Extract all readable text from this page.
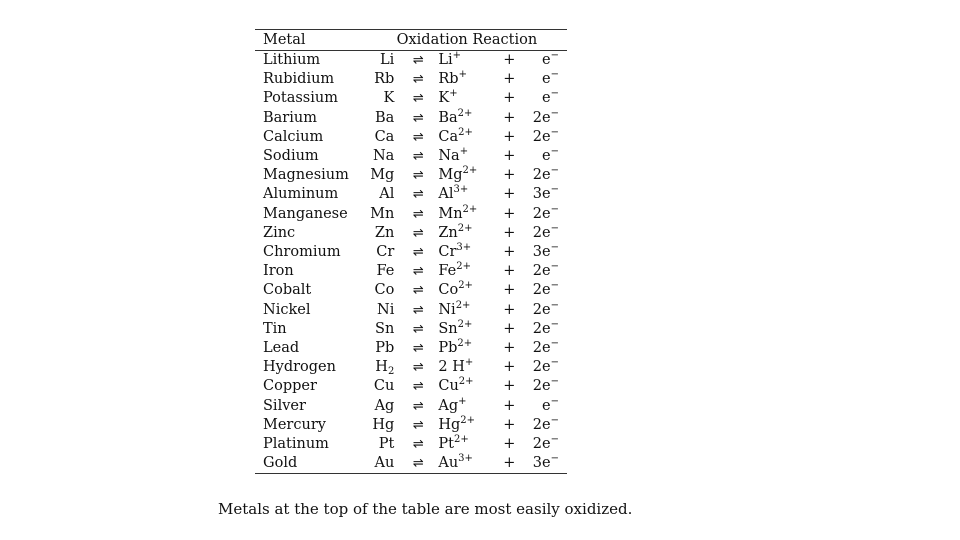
Metal	Oxidation Reaction				
Lithium	Li	⇌	Li+	+	e−
Rubidium	Rb	⇌	Rb+	+	e−
Potassium	K	⇌	K+	+	e−
Barium	Ba	⇌	$Ba^{2+}$	+	2e−
Calcium	Ca	⇌	$Ca^{2+}$	+	2e−
Sodium	Na	⇌	Na+	+	e−
Magnesium	Mg	⇌	$Mg^{2+}$	+	2e−
Aluminum	Al	⇌	$Al^{3+}$	+	3e−
Manganese	Mn	⇌	$Mn^{2+}$	+	2e−
Zinc	Zn	⇌	$Zn^{2+}$	+	2e−
Chromium	Cr	⇌	$Cr^{3+}$	+	3e−
Iron	Fe	⇌	$Fe^{2+}$	+	2e−
Cobalt	Co	⇌	$Co^{2+}$	+	2e−
Nickel	Ni	⇌	$Ni^{2+}$	+	2e−
Tin	Sn	⇌	$Sn^{2+}$	+	2e−
Lead	Pb	⇌	$Pb^{2+}$	+	2e−
Hydrogen	$H_2$	⇌	2 H+	+	2e−
Copper	Cu	⇌	$Cu^{2+}$	+	2e−
Silver	Ag	⇌	Ag+	+	e−
Mercury	Hg	⇌	$Hg^{2+}$	+	2e−
Platinum	Pt	⇌	$Pt^{2+}$	+	2e−
Gold	Au	⇌	$Au^{3+}$	+	3e−
Metals at the top of the table are most easily oxidized.
